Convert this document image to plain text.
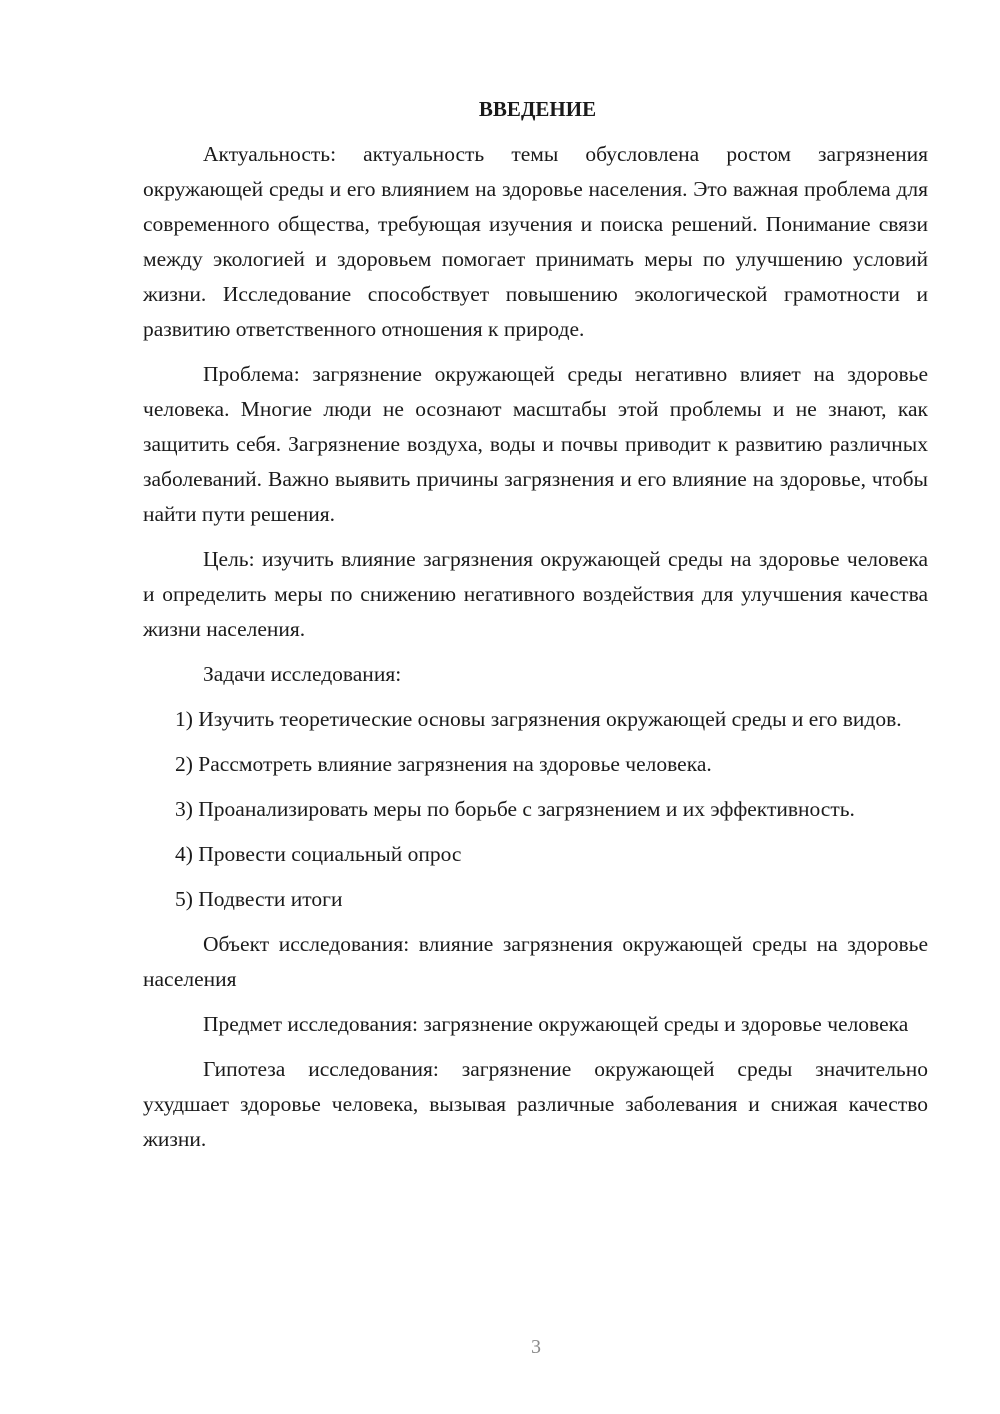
ВВЕДЕНИЕ

Актуальность: актуальность темы обусловлена ростом загрязнения окружающей среды и его влиянием на здоровье населения. Это важная проблема для современного общества, требующая изучения и поиска решений. Понимание связи между экологией и здоровьем помогает принимать меры по улучшению условий жизни. Исследование способствует повышению экологической грамотности и развитию ответственного отношения к природе.

Проблема: загрязнение окружающей среды негативно влияет на здоровье человека. Многие люди не осознают масштабы этой проблемы и не знают, как защитить себя. Загрязнение воздуха, воды и почвы приводит к развитию различных заболеваний. Важно выявить причины загрязнения и его влияние на здоровье, чтобы найти пути решения.

Цель: изучить влияние загрязнения окружающей среды на здоровье человека и определить меры по снижению негативного воздействия для улучшения качества жизни населения.

Задачи исследования:

1) Изучить теоретические основы загрязнения окружающей среды и его видов.

2) Рассмотреть влияние загрязнения на здоровье человека.

3) Проанализировать меры по борьбе с загрязнением и их эффективность.

4) Провести социальный опрос

5) Подвести итоги

Объект исследования: влияние загрязнения окружающей среды на здоровье населения

Предмет исследования: загрязнение окружающей среды и здоровье человека

Гипотеза исследования: загрязнение окружающей среды значительно ухудшает здоровье человека, вызывая различные заболевания и снижая качество жизни.

3
